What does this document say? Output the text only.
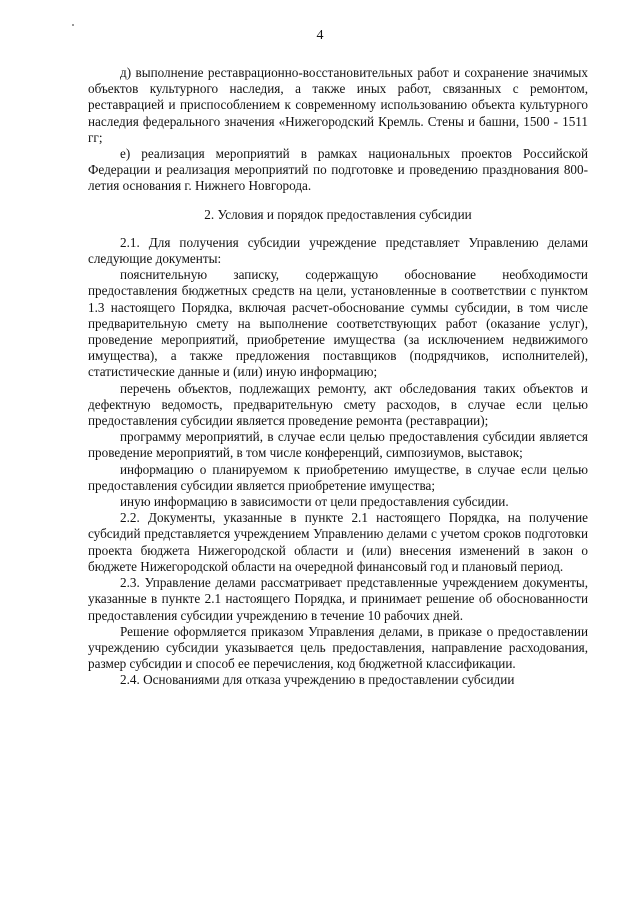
4

д) выполнение реставрационно-восстановительных работ и сохранение значимых объектов культурного наследия, а также иных работ, связанных с ремонтом, реставрацией и приспособлением к современному использованию объекта культурного наследия федерального значения «Нижегородский Кремль. Стены и башни, 1500 - 1511 гг;

е) реализация мероприятий в рамках национальных проектов Российской Федерации и реализация мероприятий по подготовке и проведению празднования 800-летия основания г. Нижнего Новгорода.

2. Условия и порядок предоставления субсидии

2.1. Для получения субсидии учреждение представляет Управлению делами следующие документы:

пояснительную записку, содержащую обоснование необходимости предоставления бюджетных средств на цели, установленные в соответствии с пунктом 1.3 настоящего Порядка, включая расчет-обоснование суммы субсидии, в том числе предварительную смету на выполнение соответствующих работ (оказание услуг), проведение мероприятий, приобретение имущества (за исключением недвижимого имущества), а также предложения поставщиков (подрядчиков, исполнителей), статистические данные и (или) иную информацию;

перечень объектов, подлежащих ремонту, акт обследования таких объектов и дефектную ведомость, предварительную смету расходов, в случае если целью предоставления субсидии является проведение ремонта (реставрации);

программу мероприятий, в случае если целью предоставления субсидии является проведение мероприятий, в том числе конференций, симпозиумов, выставок;

информацию о планируемом к приобретению имуществе, в случае если целью предоставления субсидии является приобретение имущества;

иную информацию в зависимости от цели предоставления субсидии.

2.2. Документы, указанные в пункте 2.1 настоящего Порядка, на получение субсидий представляется учреждением Управлению делами с учетом сроков подготовки проекта бюджета Нижегородской области и (или) внесения изменений в закон о бюджете Нижегородской области на очередной финансовый год и плановый период.

2.3. Управление делами рассматривает представленные учреждением документы, указанные в пункте 2.1 настоящего Порядка, и принимает решение об обоснованности предоставления субсидии учреждению в течение 10 рабочих дней.

Решение оформляется приказом Управления делами, в приказе о предоставлении учреждению субсидии указывается цель предоставления, направление расходования, размер субсидии и способ ее перечисления, код бюджетной классификации.

2.4. Основаниями для отказа учреждению в предоставлении субсидии
